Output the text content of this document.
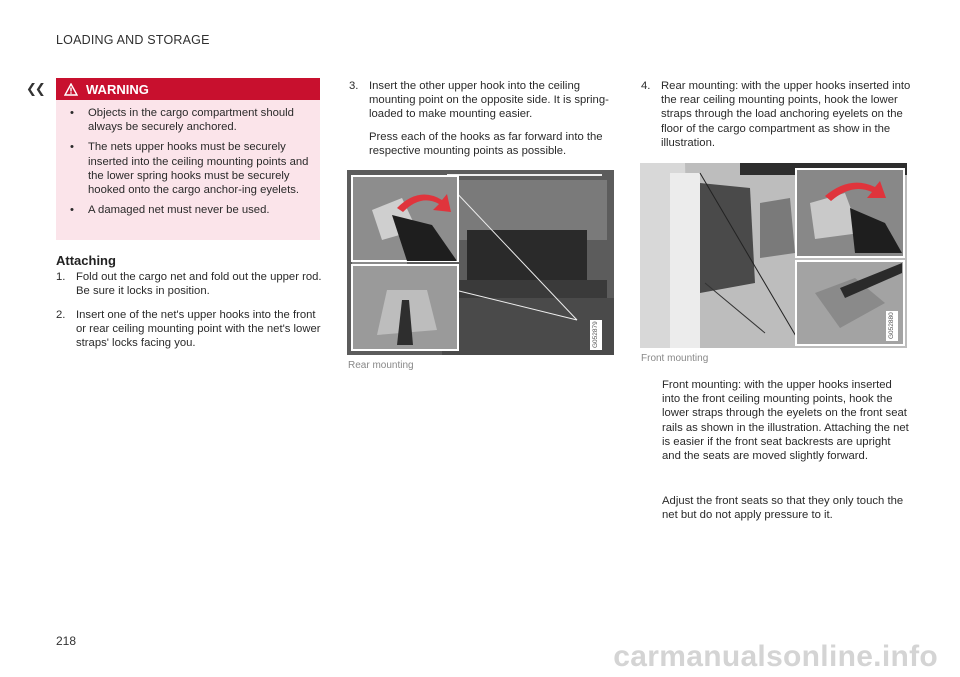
LOADING AND STORAGE
❮❮	WARNING
• Objects in the cargo compartment should always be securely anchored.
• The nets upper hooks must be securely inserted into the ceiling mounting points and the lower spring hooks must be securely hooked onto the cargo anchor-ing eyelets.
• A damaged net must never be used.
Attaching
1. Fold out the cargo net and fold out the upper rod. Be sure it locks in position.
2. Insert one of the net's upper hooks into the front or rear ceiling mounting point with the net's lower straps' locks facing you.
3. Insert the other upper hook into the ceiling mounting point on the opposite side. It is spring-loaded to make mounting easier.
Press each of the hooks as far forward into the respective mounting points as possible.
G052879
Rear mounting
4. Rear mounting: with the upper hooks inserted into the rear ceiling mounting points, hook the lower straps through the load anchoring eyelets on the floor of the cargo compartment as show in the illustration.
G052880
Front mounting
Front mounting: with the upper hooks inserted into the front ceiling mounting points, hook the lower straps through the eyelets on the front seat rails as shown in the illustration. Attaching the net is easier if the front seat backrests are upright and the seats are moved slightly forward.
Adjust the front seats so that they only touch the net but do not apply pressure to it.
218	carmanualsonline.info
